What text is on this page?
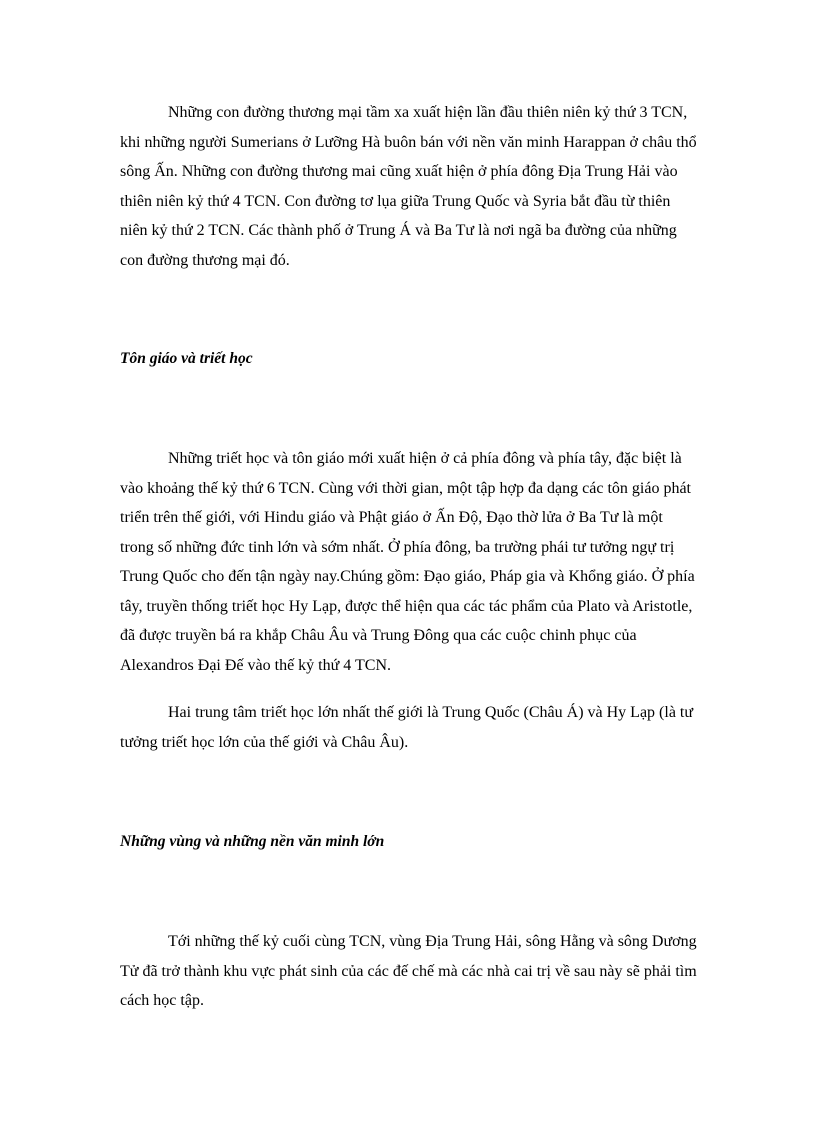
Những con đường thương mại tầm xa xuất hiện lần đầu thiên niên kỷ thứ 3 TCN, khi những người Sumerians ở Lưỡng Hà buôn bán với nền văn minh Harappan ở châu thổ sông Ấn. Những con đường thương mai cũng xuất hiện ở phía đông Địa Trung Hải vào thiên niên kỷ thứ 4 TCN. Con đường tơ lụa giữa Trung Quốc và Syria bắt đầu từ thiên niên kỷ thứ 2 TCN. Các thành phố ở Trung Á và Ba Tư là nơi ngã ba đường của những con đường thương mại đó.

Tôn giáo và triết học

Những triết học và tôn giáo mới xuất hiện ở cả phía đông và phía tây, đặc biệt là vào khoảng thế kỷ thứ 6 TCN. Cùng với thời gian, một tập hợp đa dạng các tôn giáo phát triển trên thế giới, với Hindu giáo và Phật giáo ở Ấn Độ, Đạo thờ lửa ở Ba Tư là một trong số những đức tinh lớn và sớm nhất. Ở phía đông, ba trường phái tư tưởng ngự trị Trung Quốc cho đến tận ngày nay.Chúng gồm: Đạo giáo, Pháp gia và Khổng giáo. Ở phía tây, truyền thống triết học Hy Lạp, được thể hiện qua các tác phẩm của Plato và Aristotle, đã được truyền bá ra khắp Châu Âu và Trung Đông qua các cuộc chinh phục của Alexandros Đại Đế vào thế kỷ thứ 4 TCN.

Hai trung tâm triết học lớn nhất thế giới là Trung Quốc (Châu Á) và Hy Lạp (là tư tưởng triết học lớn của thế giới và Châu Âu).

Những vùng và những nền văn minh lớn

Tới những thế kỷ cuối cùng TCN, vùng Địa Trung Hải, sông Hằng và sông Dương Tử đã trở thành khu vực phát sinh của các đế chế mà các nhà cai trị về sau này sẽ phải tìm cách học tập.
